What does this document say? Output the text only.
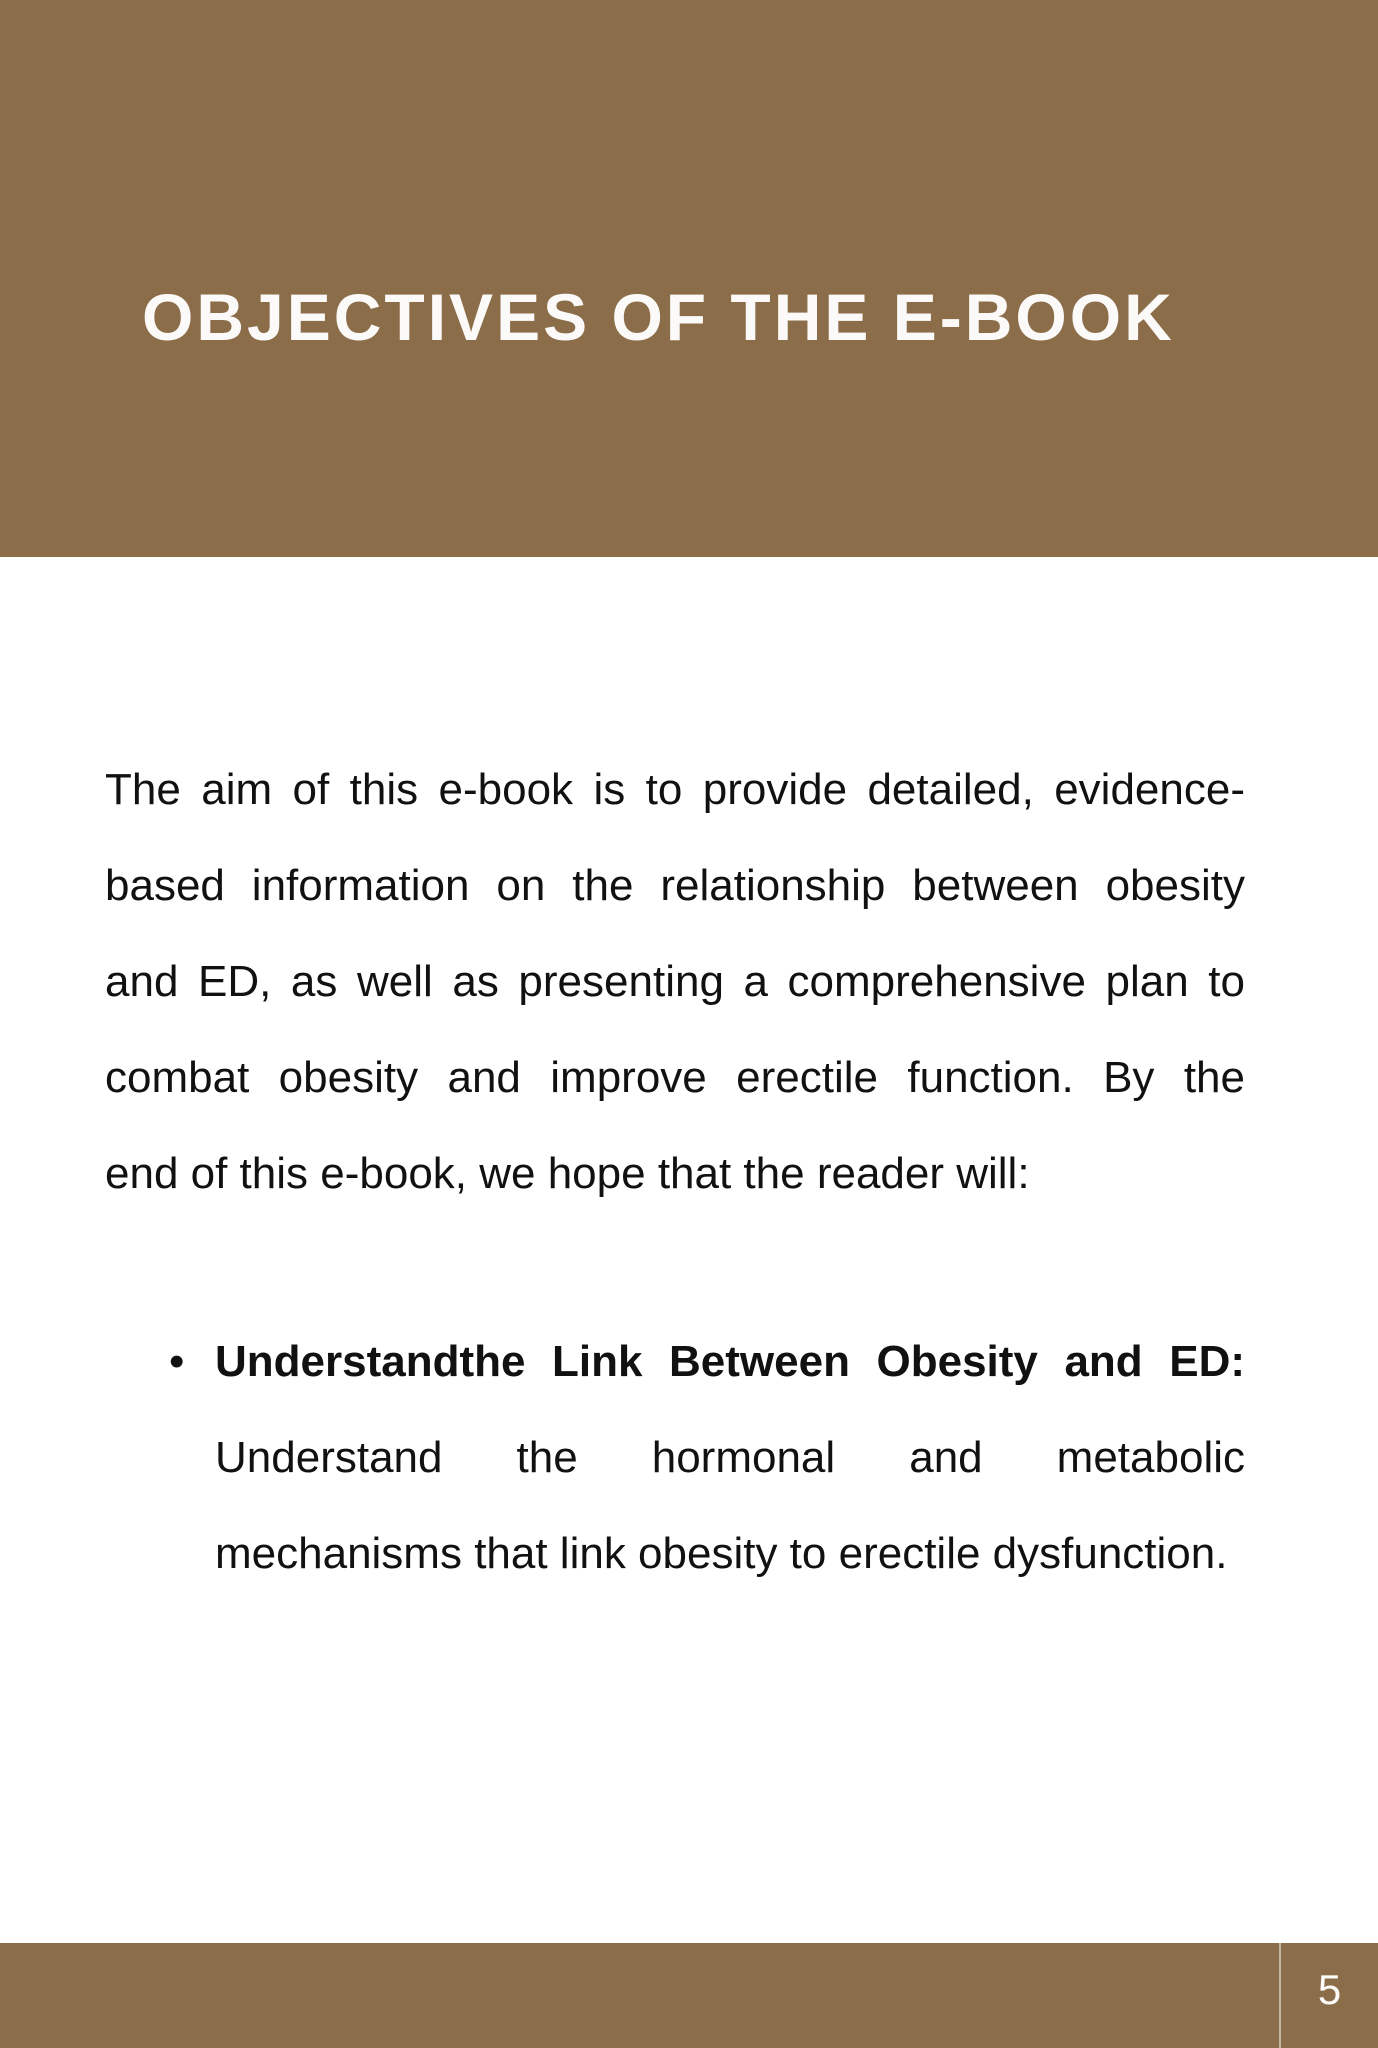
OBJECTIVES OF THE E-BOOK
The aim of this e-book is to provide detailed, evidence-
based information on the relationship between obesity
and ED, as well as presenting a comprehensive plan to
combat obesity and improve erectile function. By the
end of this e-book, we hope that the reader will:
• Understandthe Link Between Obesity and ED:
Understand the hormonal and metabolic
mechanisms that link obesity to erectile dysfunction.
5
